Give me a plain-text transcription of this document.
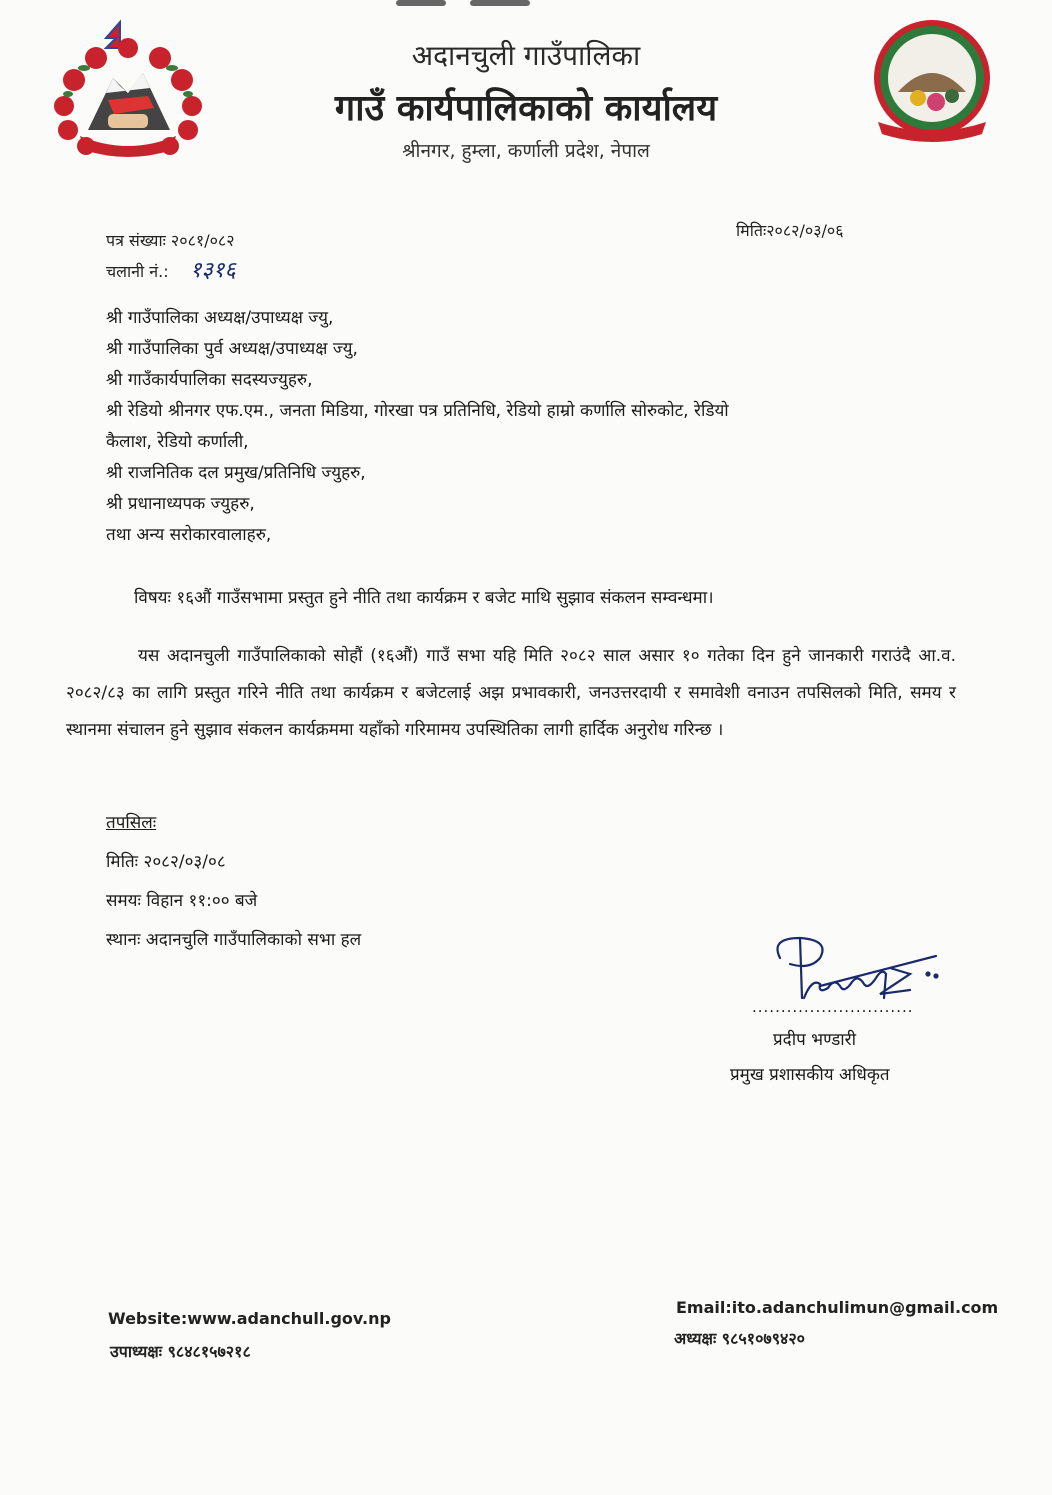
अदानचुली गाउँपालिका
गाउँ कार्यपालिकाको कार्यालय
श्रीनगर, हुम्ला, कर्णाली प्रदेश, नेपाल
पत्र संख्याः २०८१/०८२
चलानी नं.: १३१६
मितिः२०८२/०३/०६
श्री गाउँपालिका अध्यक्ष/उपाध्यक्ष ज्यु,
श्री गाउँपालिका पुर्व अध्यक्ष/उपाध्यक्ष ज्यु,
श्री गाउँकार्यपालिका सदस्यज्युहरु,
श्री रेडियो श्रीनगर एफ.एम., जनता मिडिया, गोरखा पत्र प्रतिनिधि, रेडियो हाम्रो कर्णालि सोरुकोट, रेडियो
कैलाश, रेडियो कर्णाली,
श्री राजनितिक दल प्रमुख/प्रतिनिधि ज्युहरु,
श्री प्रधानाध्यपक ज्युहरु,
तथा अन्य सरोकारवालाहरु,
विषयः १६औं गाउँसभामा प्रस्तुत हुने नीति तथा कार्यक्रम र बजेट माथि सुझाव संकलन सम्वन्धमा।
यस अदानचुली गाउँपालिकाको सोहौं (१६औं) गाउँ सभा यहि मिति २०८२ साल असार १० गतेका दिन हुने जानकारी गराउंदै आ.व. २०८२/८३ का लागि प्रस्तुत गरिने नीति तथा कार्यक्रम र बजेटलाई अझ प्रभावकारी, जनउत्तरदायी र समावेशी वनाउन तपसिलको मिति, समय र स्थानमा संचालन हुने सुझाव संकलन कार्यक्रममा यहाँको गरिमामय उपस्थितिका लागी हार्दिक अनुरोध गरिन्छ ।
तपसिलः
मितिः २०८२/०३/०८
समयः विहान ११:०० बजे
स्थानः अदानचुलि गाउँपालिकाको सभा हल
............................
प्रदीप भण्डारी
प्रमुख प्रशासकीय अधिकृत
Website:www.adanchull.gov.np
उपाध्यक्षः ९८४८१५७२१८
Email:ito.adanchulimun@gmail.com
अध्यक्षः ९८५१०७९४२०
